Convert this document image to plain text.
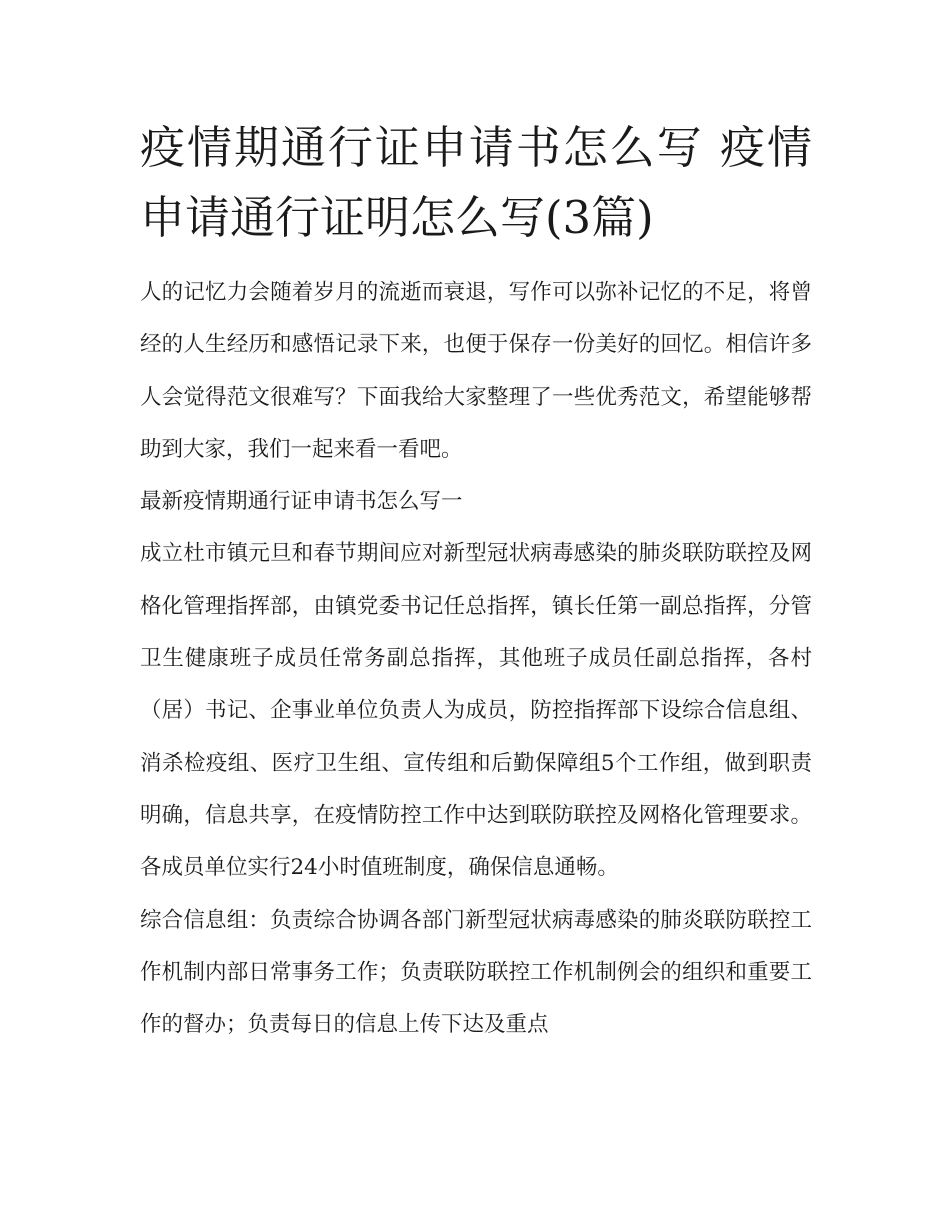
疫情期通行证申请书怎么写 疫情申请通行证明怎么写(3篇)

人的记忆力会随着岁月的流逝而衰退，写作可以弥补记忆的不足，将曾经的人生经历和感悟记录下来，也便于保存一份美好的回忆。相信许多人会觉得范文很难写？下面我给大家整理了一些优秀范文，希望能够帮助到大家，我们一起来看一看吧。

最新疫情期通行证申请书怎么写一

成立杜市镇元旦和春节期间应对新型冠状病毒感染的肺炎联防联控及网格化管理指挥部，由镇党委书记任总指挥，镇长任第一副总指挥，分管卫生健康班子成员任常务副总指挥，其他班子成员任副总指挥，各村（居）书记、企事业单位负责人为成员，防控指挥部下设综合信息组、消杀检疫组、医疗卫生组、宣传组和后勤保障组5个工作组，做到职责明确，信息共享，在疫情防控工作中达到联防联控及网格化管理要求。各成员单位实行24小时值班制度，确保信息通畅。

综合信息组：负责综合协调各部门新型冠状病毒感染的肺炎联防联控工作机制内部日常事务工作；负责联防联控工作机制例会的组织和重要工作的督办；负责每日的信息上传下达及重点
